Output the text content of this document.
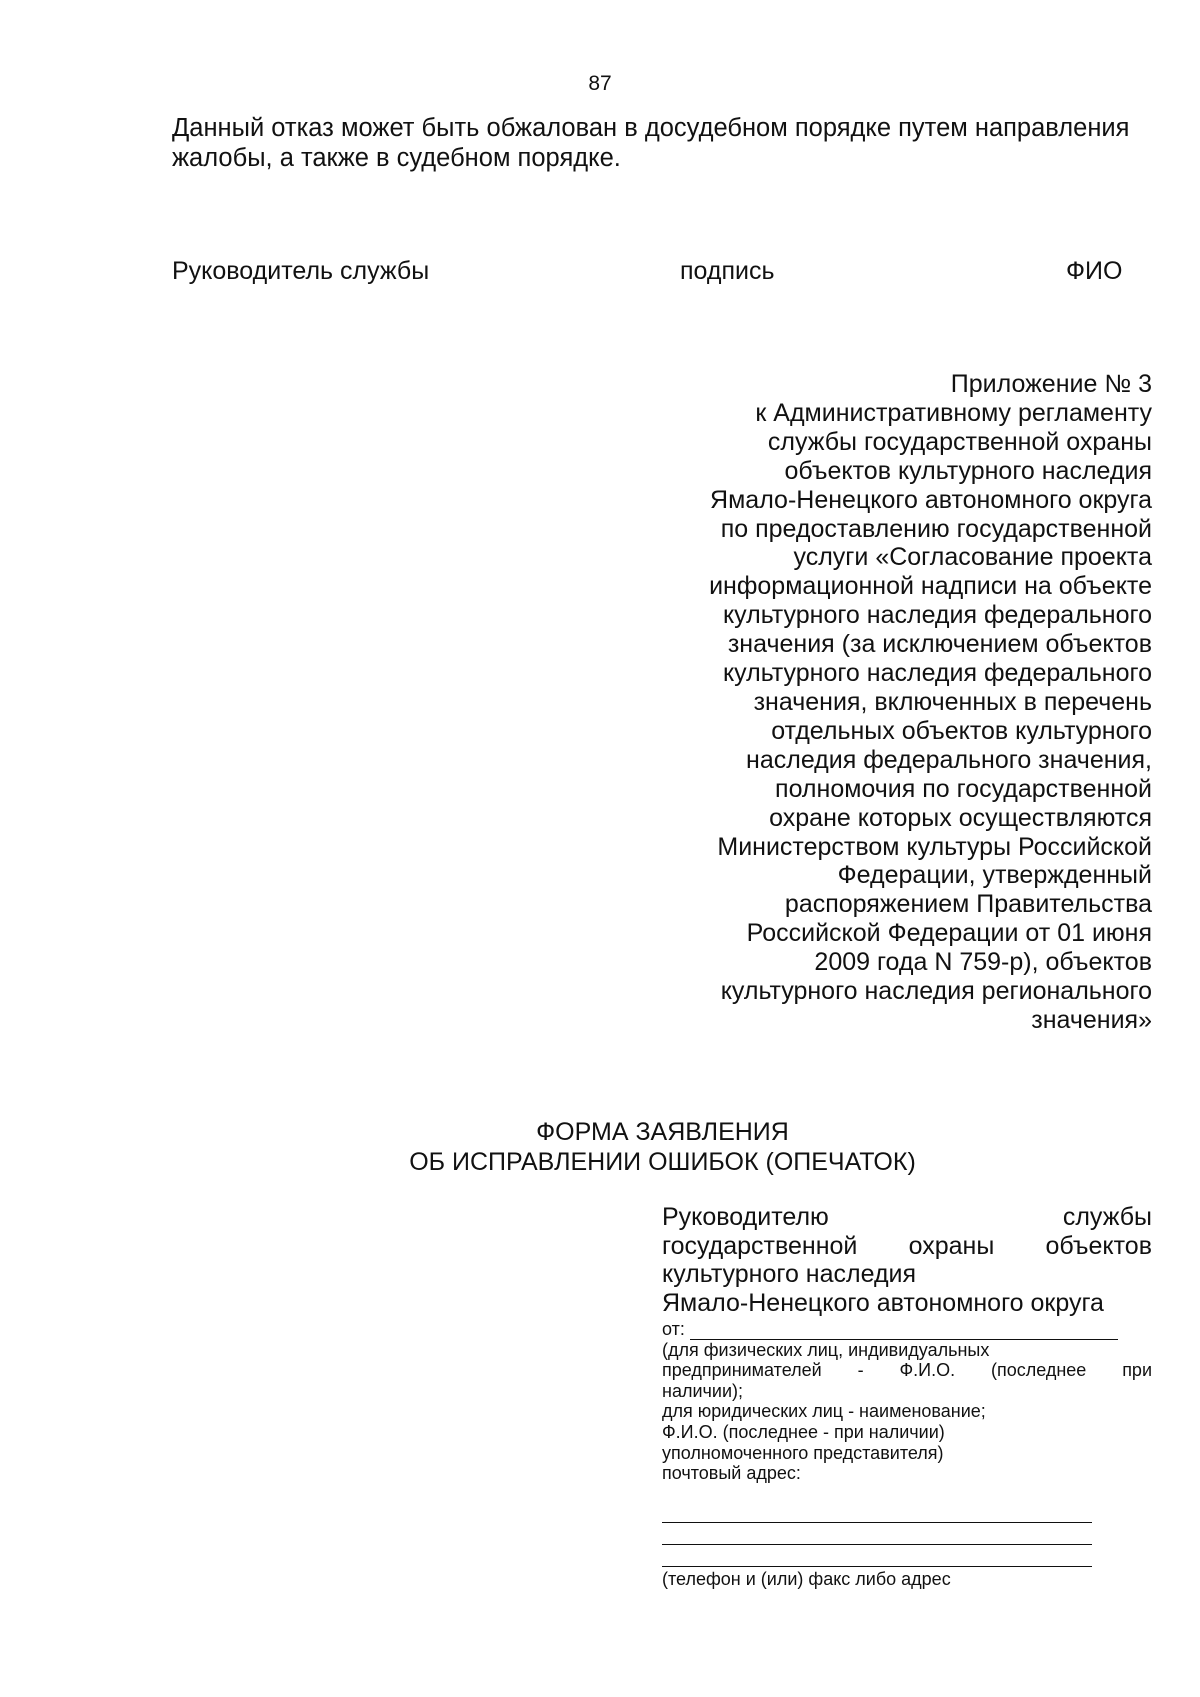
87
Данный отказ может быть обжалован в досудебном порядке путем направления
жалобы, а также в судебном порядке.
Руководитель службы	подпись	ФИО
Приложение № 3
к Административному регламенту
службы государственной охраны
объектов культурного наследия
Ямало-Ненецкого автономного округа
по предоставлению государственной
услуги «Согласование проекта
информационной надписи на объекте
культурного наследия федерального
значения (за исключением объектов
культурного наследия федерального
значения, включенных в перечень
отдельных объектов культурного
наследия федерального значения,
полномочия по государственной
охране которых осуществляются
Министерством культуры Российской
Федерации, утвержденный
распоряжением Правительства
Российской Федерации от 01 июня
2009 года N 759-р), объектов
культурного наследия регионального
значения»
ФОРМА ЗАЯВЛЕНИЯ
ОБ ИСПРАВЛЕНИИ ОШИБОК (ОПЕЧАТОК)
Руководителю службы
государственной охраны объектов
культурного наследия
Ямало-Ненецкого автономного округа
от:
(для физических лиц, индивидуальных
предпринимателей - Ф.И.О. (последнее при
наличии);
для юридических лиц - наименование;
Ф.И.О. (последнее - при наличии)
уполномоченного представителя)
почтовый адрес:
(телефон и (или) факс либо адрес
